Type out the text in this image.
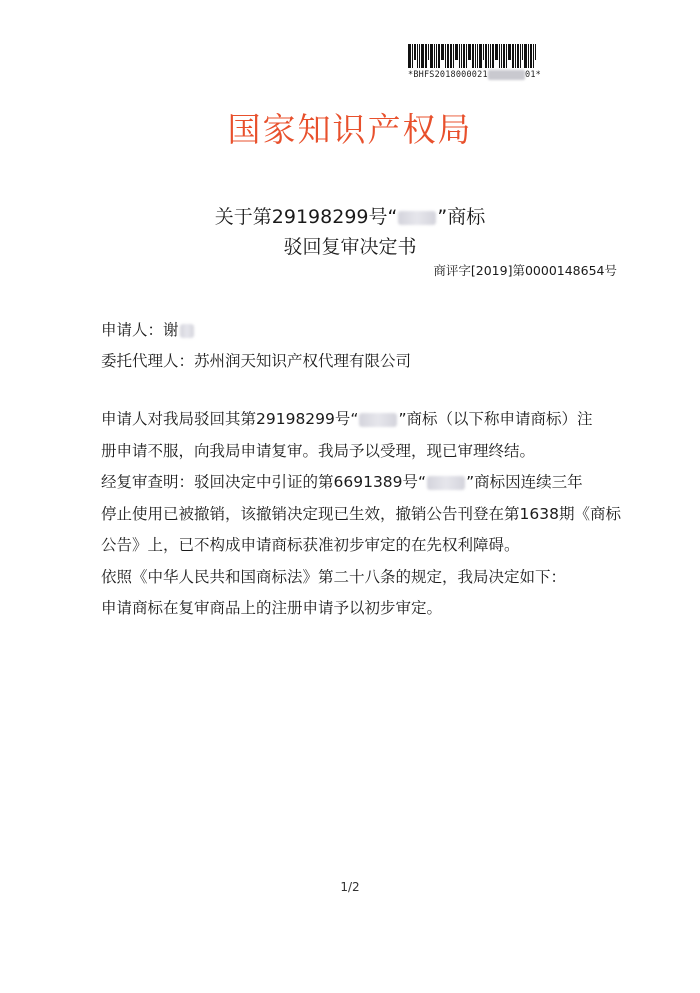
*BHFS2018000021	01*
国家知识产权局
关于第29198299号“ ”商标
驳回复审决定书
商评字[2019]第0000148654号
申请人：谢
委托代理人：苏州润天知识产权代理有限公司
申请人对我局驳回其第29198299号“	”商标（以下称申请商标）注
册申请不服，向我局申请复审。我局予以受理，现已审理终结。
经复审查明：驳回决定中引证的第6691389号“	”商标因连续三年
停止使用已被撤销，该撤销决定现已生效，撤销公告刊登在第1638期《商标
公告》上，已不构成申请商标获准初步审定的在先权利障碍。
依照《中华人民共和国商标法》第二十八条的规定，我局决定如下：
申请商标在复审商品上的注册申请予以初步审定。
1/2
